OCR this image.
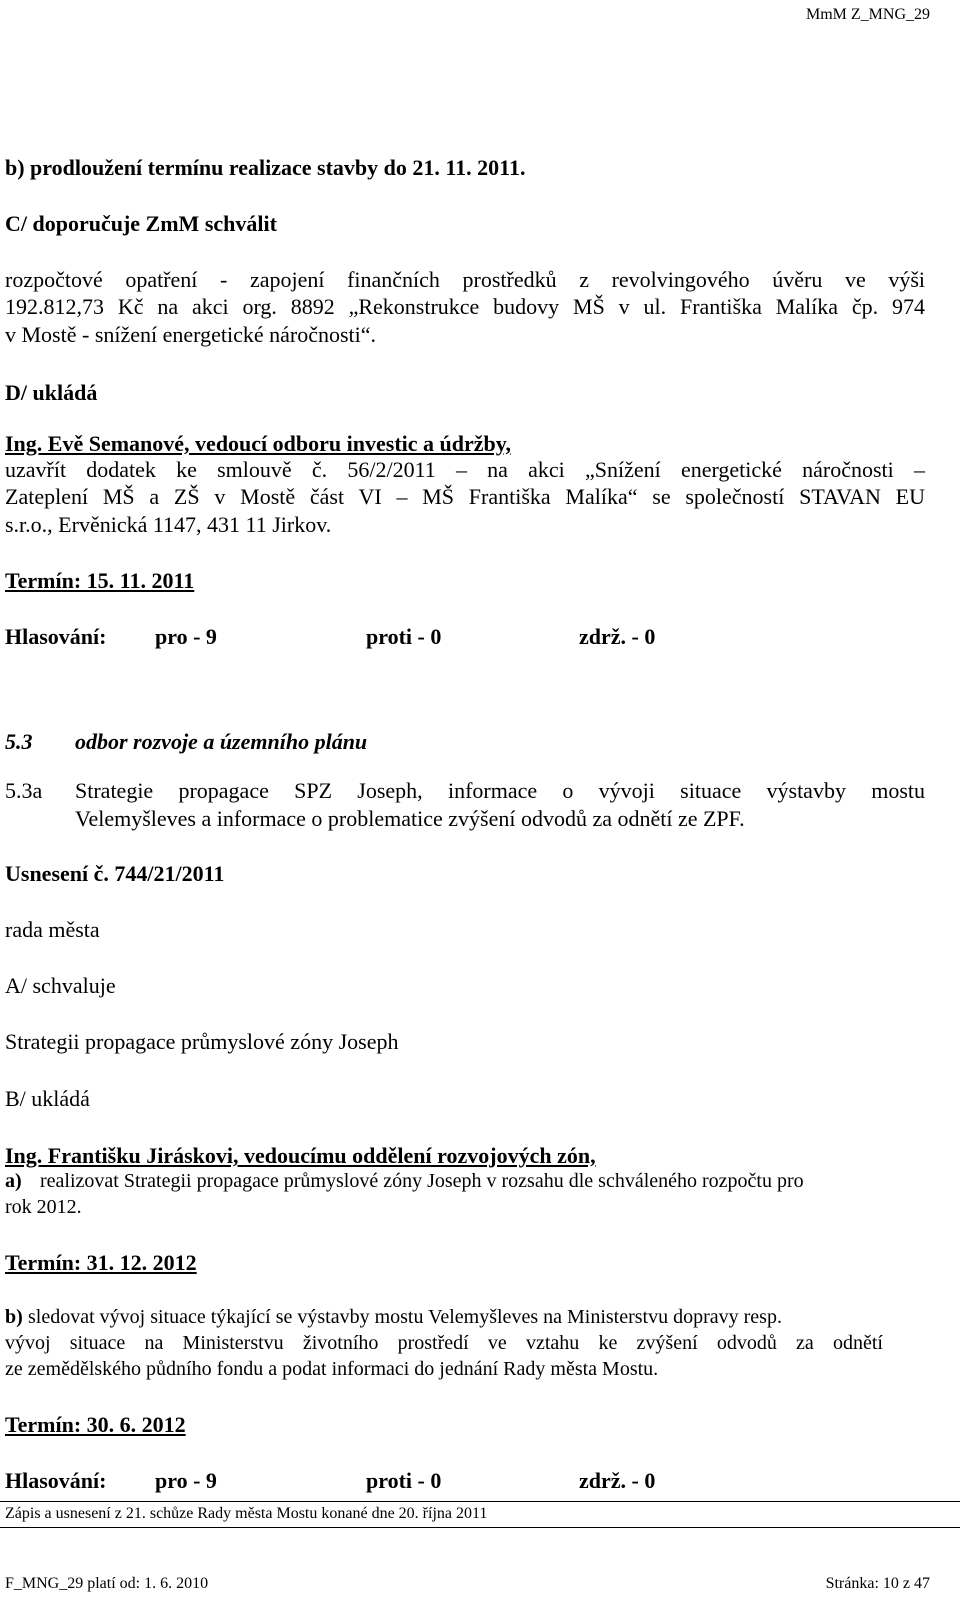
MmM Z_MNG_29
b) prodloužení termínu realizace stavby do 21. 11. 2011.
C/ doporučuje ZmM schválit
rozpočtové opatření - zapojení finančních prostředků z revolvingového úvěru ve výši
192.812,73 Kč na akci org. 8892 „Rekonstrukce budovy MŠ v ul. Františka Malíka čp. 974
v Mostě - snížení energetické náročnosti“.
D/ ukládá
Ing. Evě Semanové, vedoucí odboru investic a údržby,
uzavřít dodatek ke smlouvě č. 56/2/2011 – na akci „Snížení energetické náročnosti –
Zateplení MŠ a ZŠ v Mostě část VI – MŠ Františka Malíka“ se společností STAVAN EU
s.r.o., Ervěnická 1147, 431 11 Jirkov.
Termín: 15. 11. 2011
Hlasování: pro - 9	proti - 0	zdrž. - 0
5.3 odbor rozvoje a územního plánu
5.3a Strategie propagace SPZ Joseph, informace o vývoji situace výstavby mostu
Velemyšleves a informace o problematice zvýšení odvodů za odnětí ze ZPF.
Usnesení č. 744/21/2011
rada města
A/ schvaluje
Strategii propagace průmyslové zóny Joseph
B/ ukládá
Ing. Františku Jiráskovi, vedoucímu oddělení rozvojových zón,
a) realizovat Strategii propagace průmyslové zóny Joseph v rozsahu dle schváleného rozpočtu pro
rok 2012.
Termín: 31. 12. 2012
b) sledovat vývoj situace týkající se výstavby mostu Velemyšleves na Ministerstvu dopravy resp.
vývoj situace na Ministerstvu životního prostředí ve vztahu ke zvýšení odvodů za odnětí
ze zemědělského půdního fondu a podat informaci do jednání Rady města Mostu.
Termín: 30. 6. 2012
Hlasování: pro - 9	proti - 0	zdrž. - 0
Zápis a usnesení z 21. schůze Rady města Mostu konané dne 20. října 2011
F_MNG_29 platí od: 1. 6. 2010	Stránka: 10 z 47
